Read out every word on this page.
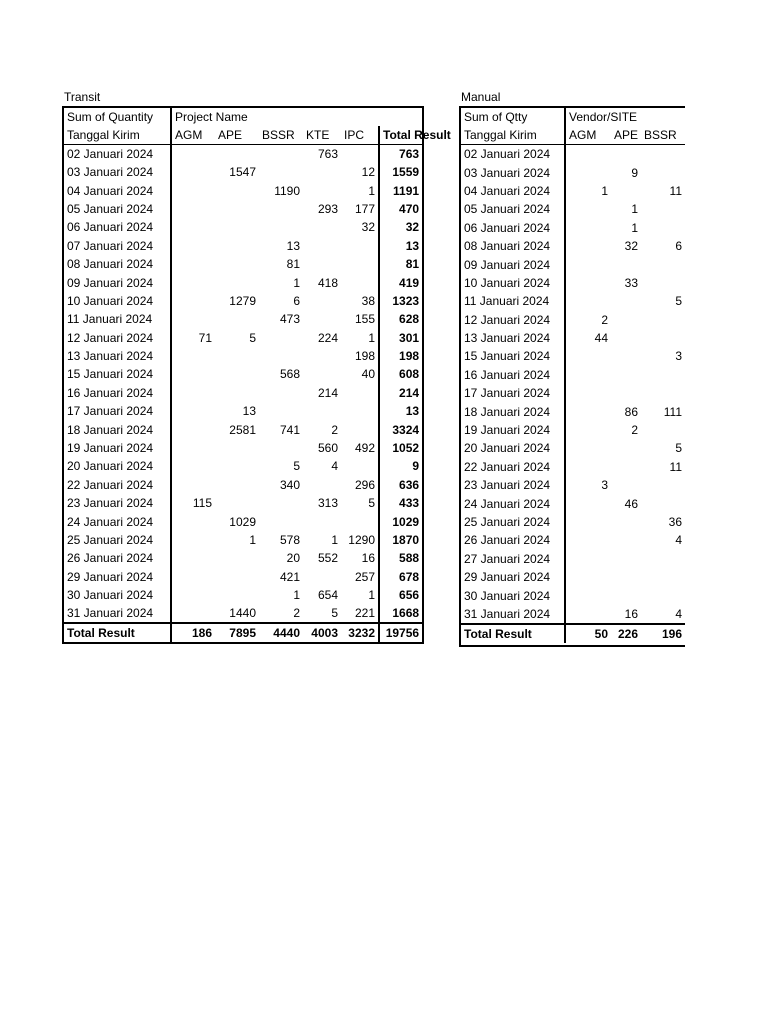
Transit	Manual
Sum of Quantity	Project Name					
Tanggal Kirim	AGM	APE	BSSR	KTE	IPC	Total Result
02 Januari 2024				763		763
03 Januari 2024		1547			12	1559
04 Januari 2024			1190		1	1191
05 Januari 2024				293	177	470
06 Januari 2024					32	32
07 Januari 2024			13			13
08 Januari 2024			81			81
09 Januari 2024			1	418		419
10 Januari 2024		1279	6		38	1323
11 Januari 2024			473		155	628
12 Januari 2024	71	5		224	1	301
13 Januari 2024					198	198
15 Januari 2024			568		40	608
16 Januari 2024				214		214
17 Januari 2024		13				13
18 Januari 2024		2581	741	2		3324
19 Januari 2024				560	492	1052
20 Januari 2024			5	4		9
22 Januari 2024			340		296	636
23 Januari 2024	115			313	5	433
24 Januari 2024		1029				1029
25 Januari 2024		1	578	1	1290	1870
26 Januari 2024			20	552	16	588
29 Januari 2024			421		257	678
30 Januari 2024			1	654	1	656
31 Januari 2024		1440	2	5	221	1668
Total Result	186	7895	4440	4003	3232	19756
Sum of Qtty	Vendor/SITE			
Tanggal Kirim	AGM	APE	BSSR	
02 Januari 2024				
03 Januari 2024		9		
04 Januari 2024	1		11	
05 Januari 2024		1		
06 Januari 2024		1		
08 Januari 2024		32	6	
09 Januari 2024				
10 Januari 2024		33		
11 Januari 2024			5	
12 Januari 2024	2			
13 Januari 2024	44			
15 Januari 2024			3	
16 Januari 2024				
17 Januari 2024				
18 Januari 2024		86	111	
19 Januari 2024		2		
20 Januari 2024			5	
22 Januari 2024			11	
23 Januari 2024	3			
24 Januari 2024		46		
25 Januari 2024			36	
26 Januari 2024			4	
27 Januari 2024				
29 Januari 2024				
30 Januari 2024				
31 Januari 2024		16	4	
Total Result	50	226	196	
